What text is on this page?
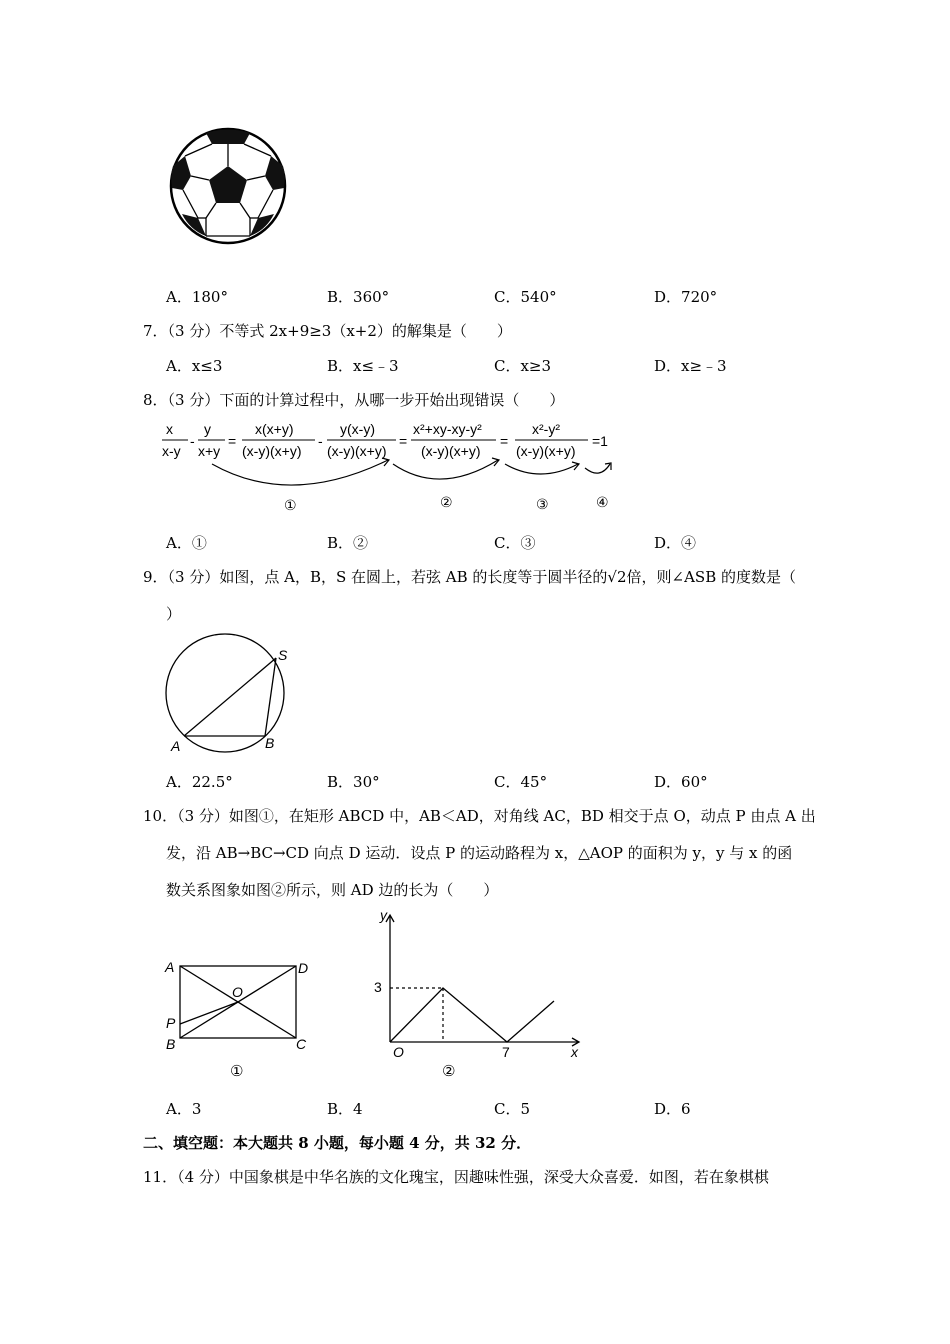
A．180°	B．360°	C．540°	D．720°
7．（3 分）不等式 2x+9≥3（x+2）的解集是（　　）
A．x≤3	B．x≤﹣3	C．x≥3	D．x≥﹣3
8．（3 分）下面的计算过程中，从哪一步开始出现错误（　　）
x
x-y
-
y
x+y
=
x(x+y)
(x-y)(x+y)
-
y(x-y)
(x-y)(x+y)
=
x²+xy-xy-y²
(x-y)(x+y)
=
x²-y²
(x-y)(x+y)
=1
①	②	③	④
A．①	B．②	C．③	D．④
9．（3 分）如图，点 A，B，S 在圆上，若弦 AB 的长度等于圆半径的√2倍，则∠ASB 的度数是（
）
S
A	B
A．22.5°	B．30°	C．45°	D．60°
10．（3 分）如图①，在矩形 ABCD 中，AB＜AD，对角线 AC，BD 相交于点 O，动点 P 由点 A 出
发，沿 AB→BC→CD 向点 D 运动．设点 P 的运动路程为 x，△AOP 的面积为 y，y 与 x 的函
数关系图象如图②所示，则 AD 边的长为（　　）
A	D
O
P
B	C
①
y
x
O
3
7
②
A．3	B．4	C．5	D．6
二、填空题：本大题共 8 小题，每小题 4 分，共 32 分．
11．（4 分）中国象棋是中华名族的文化瑰宝，因趣味性强，深受大众喜爱．如图，若在象棋棋
